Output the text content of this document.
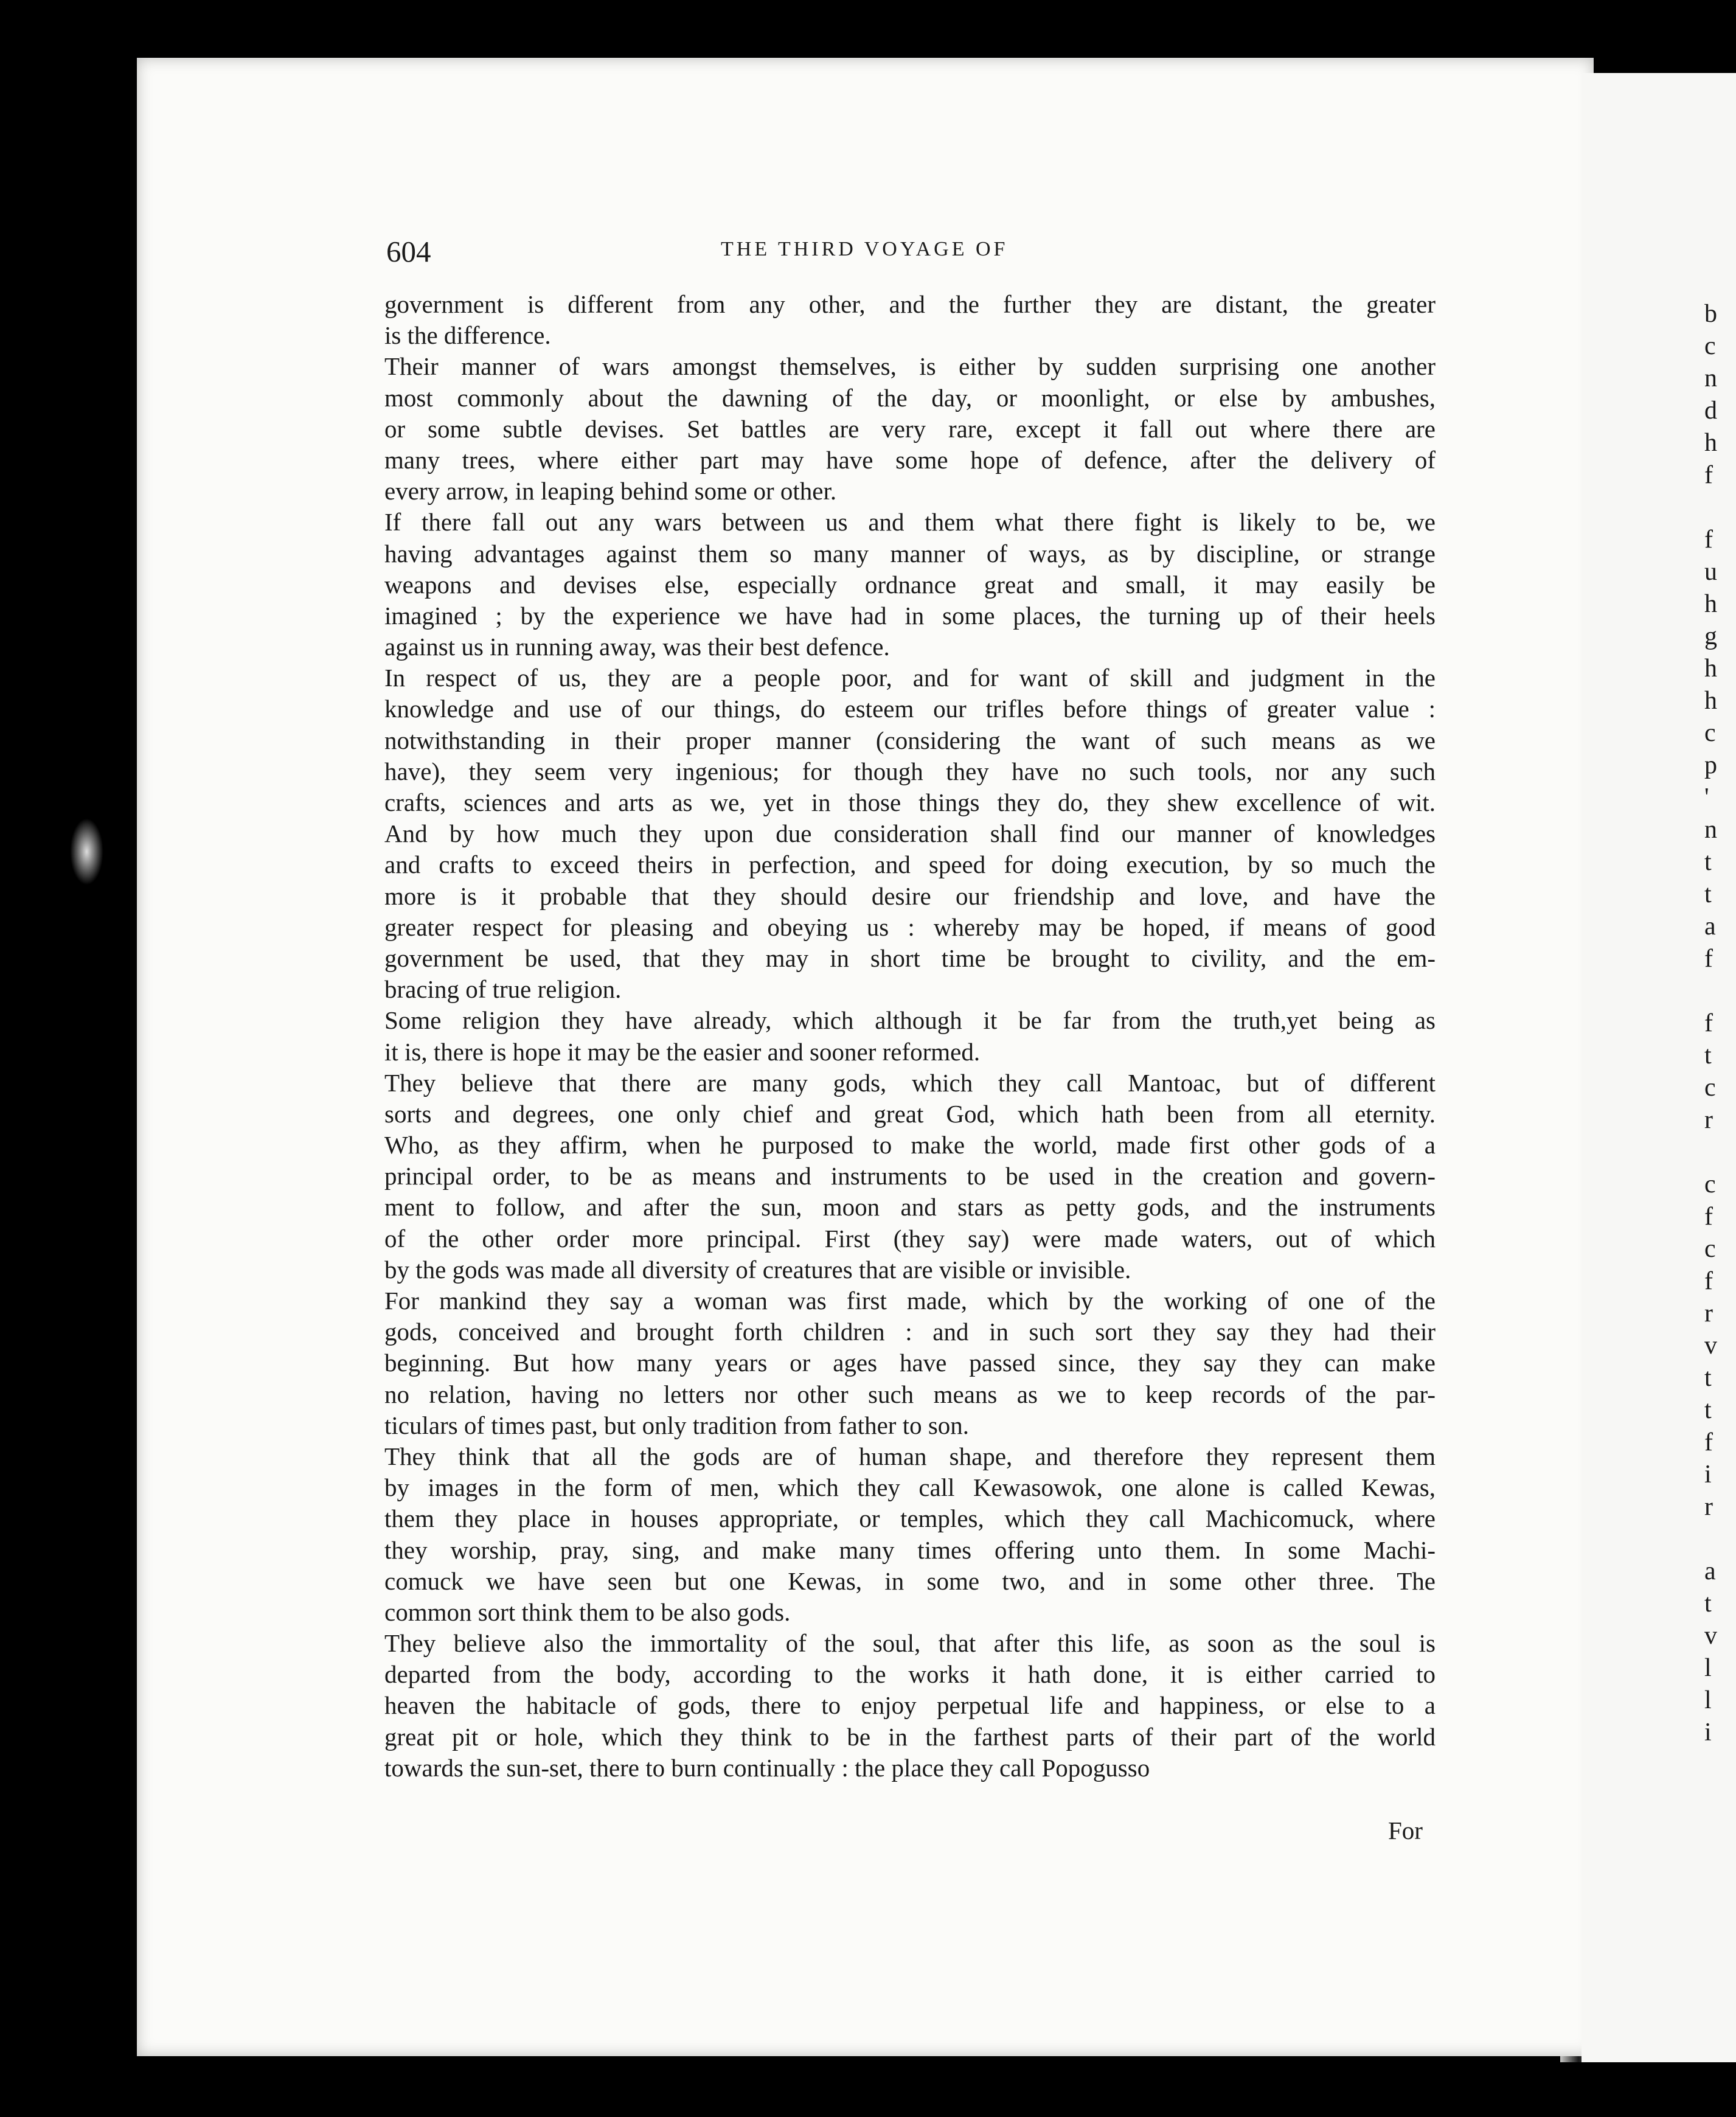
604	THE THIRD VOYAGE OF
government is different from any other, and the further they are distant, the greater
is the difference.
Their manner of wars amongst themselves, is either by sudden surprising one another
most commonly about the dawning of the day, or moonlight, or else by ambushes,
or some subtle devises. Set battles are very rare, except it fall out where there are
many trees, where either part may have some hope of defence, after the delivery of
every arrow, in leaping behind some or other.
If there fall out any wars between us and them what there fight is likely to be, we
having advantages against them so many manner of ways, as by discipline, or strange
weapons and devises else, especially ordnance great and small, it may easily be
imagined ; by the experience we have had in some places, the turning up of their heels
against us in running away, was their best defence.
In respect of us, they are a people poor, and for want of skill and judgment in the
knowledge and use of our things, do esteem our trifles before things of greater value :
notwithstanding in their proper manner (considering the want of such means as we
have), they seem very ingenious; for though they have no such tools, nor any such
crafts, sciences and arts as we, yet in those things they do, they shew excellence of wit.
And by how much they upon due consideration shall find our manner of knowledges
and crafts to exceed theirs in perfection, and speed for doing execution, by so much the
more is it probable that they should desire our friendship and love, and have the
greater respect for pleasing and obeying us : whereby may be hoped, if means of good
government be used, that they may in short time be brought to civility, and the em-
bracing of true religion.
Some religion they have already, which although it be far from the truth,yet being as
it is, there is hope it may be the easier and sooner reformed.
They believe that there are many gods, which they call Mantoac, but of different
sorts and degrees, one only chief and great God, which hath been from all eternity.
Who, as they affirm, when he purposed to make the world, made first other gods of a
principal order, to be as means and instruments to be used in the creation and govern-
ment to follow, and after the sun, moon and stars as petty gods, and the instruments
of the other order more principal. First (they say) were made waters, out of which
by the gods was made all diversity of creatures that are visible or invisible.
For mankind they say a woman was first made, which by the working of one of the
gods, conceived and brought forth children : and in such sort they say they had their
beginning. But how many years or ages have passed since, they say they can make
no relation, having no letters nor other such means as we to keep records of the par-
ticulars of times past, but only tradition from father to son.
They think that all the gods are of human shape, and therefore they represent them
by images in the form of men, which they call Kewasowok, one alone is called Kewas,
them they place in houses appropriate, or temples, which they call Machicomuck, where
they worship, pray, sing, and make many times offering unto them. In some Machi-
comuck we have seen but one Kewas, in some two, and in some other three. The
common sort think them to be also gods.
They believe also the immortality of the soul, that after this life, as soon as the soul is
departed from the body, according to the works it hath done, it is either carried to
heaven the habitacle of gods, there to enjoy perpetual life and happiness, or else to a
great pit or hole, which they think to be in the farthest parts of their part of the world
towards the sun-set, there to burn continually : the place they call Popogusso
For
b
c
n
d
h
f
f
u
h
g
h
h
c
p
'
n
t
t
a
f
f
t
c
r
c
f
c
f
r
v
t
t
f
i
r
a
t
v
l
l
i
